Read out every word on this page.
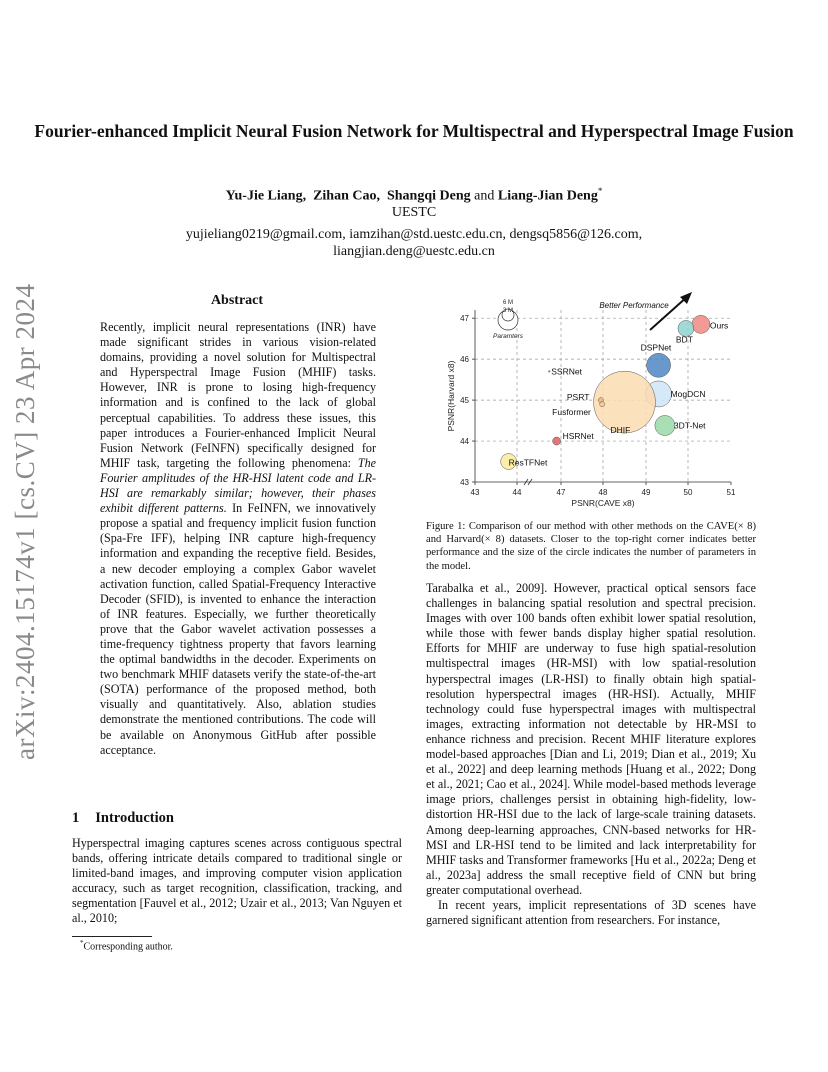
arXiv:2404.15174v1 [cs.CV] 23 Apr 2024
Fourier-enhanced Implicit Neural Fusion Network for Multispectral and Hyperspectral Image Fusion
Yu-Jie Liang, Zihan Cao, Shangqi Deng and Liang-Jian Deng*
UESTC
yujieliang0219@gmail.com, iamzihan@std.uestc.edu.cn, dengsq5856@126.com,
liangjian.deng@uestc.edu.cn
Abstract
Recently, implicit neural representations (INR) have made significant strides in various vision-related domains, providing a novel solution for Multispectral and Hyperspectral Image Fusion (MHIF) tasks. However, INR is prone to losing high-frequency information and is confined to the lack of global perceptual capabilities. To address these issues, this paper introduces a Fourier-enhanced Implicit Neural Fusion Network (FeINFN) specifically designed for MHIF task, targeting the following phenomena: The Fourier amplitudes of the HR-HSI latent code and LR-HSI are remarkably similar; however, their phases exhibit different patterns. In FeINFN, we innovatively propose a spatial and frequency implicit fusion function (Spa-Fre IFF), helping INR capture high-frequency information and expanding the receptive field. Besides, a new decoder employing a complex Gabor wavelet activation function, called Spatial-Frequency Interactive Decoder (SFID), is invented to enhance the interaction of INR features. Especially, we further theoretically prove that the Gabor wavelet activation possesses a time-frequency tightness property that favors learning the optimal bandwidths in the decoder. Experiments on two benchmark MHIF datasets verify the state-of-the-art (SOTA) performance of the proposed method, both visually and quantitatively. Also, ablation studies demonstrate the mentioned contributions. The code will be available on Anonymous GitHub after possible acceptance.
1 Introduction
Hyperspectral imaging captures scenes across contiguous spectral bands, offering intricate details compared to traditional single or limited-band images, and improving computer vision application accuracy, such as target recognition, classification, tracking, and segmentation [Fauvel et al., 2012; Uzair et al., 2013; Van Nguyen et al., 2010;
*Corresponding author.
43	44	47	48	49	50	51
43
44
45
46
47
PSNR(CAVE x8)
PSNR(Harvard x8)
Ours
BDT
DSPNet
MogDCN
3DT-Net
DHIF
PSRT
Fusformer
HSRNet
SSRNet
ResTFNet
6 M
3 M
Paramters
Better Performance
Figure 1: Comparison of our method with other methods on the CAVE(× 8) and Harvard(× 8) datasets. Closer to the top-right corner indicates better performance and the size of the circle indicates the number of parameters in the model.

Tarabalka et al., 2009]. However, practical optical sensors face challenges in balancing spatial resolution and spectral precision. Images with over 100 bands often exhibit lower spatial resolution, while those with fewer bands display higher spatial resolution. Efforts for MHIF are underway to fuse high spatial-resolution multispectral images (HR-MSI) with low spatial-resolution hyperspectral images (LR-HSI) to finally obtain high spatial-resolution hyperspectral images (HR-HSI). Actually, MHIF technology could fuse hyperspectral images with multispectral images, extracting information not detectable by HR-MSI to enhance richness and precision. Recent MHIF literature explores model-based approaches [Dian and Li, 2019; Dian et al., 2019; Xu et al., 2022] and deep learning methods [Huang et al., 2022; Dong et al., 2021; Cao et al., 2024]. While model-based methods leverage image priors, challenges persist in obtaining high-fidelity, low-distortion HR-HSI due to the lack of large-scale training datasets. Among deep-learning approaches, CNN-based networks for HR-MSI and LR-HSI tend to be limited and lack interpretability for MHIF tasks and Transformer frameworks [Hu et al., 2022a; Deng et al., 2023a] address the small receptive field of CNN but bring greater computational overhead.

In recent years, implicit representations of 3D scenes have garnered significant attention from researchers. For instance,
